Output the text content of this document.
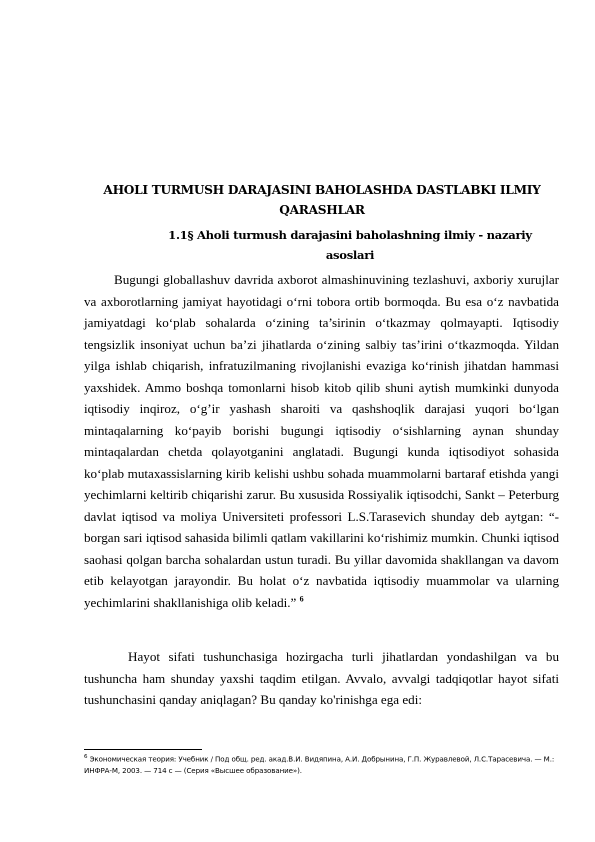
AHOLI TURMUSH DARAJASINI BAHOLASHDA DASTLABKI ILMIY QARASHLAR
1.1§ Aholi turmush darajasini baholashning ilmiy - nazariy asoslari

Bugungi globallashuv davrida axborot almashinuvining tezlashuvi, axboriy xurujlar va axborotlarning jamiyat hayotidagi o‘rni tobora ortib bormoqda. Bu esa o‘z navbatida jamiyatdagi ko‘plab sohalarda o‘zining ta’sirinin o‘tkazmay qolmayapti. Iqtisodiy tengsizlik insoniyat uchun ba’zi jihatlarda o‘zining salbiy tas’irini o‘tkazmoqda. Yildan yilga ishlab chiqarish, infratuzilmaning rivojlanishi evaziga ko‘rinish jihatdan hammasi yaxshidek. Ammo boshqa tomonlarni hisob kitob qilib shuni aytish mumkinki dunyoda iqtisodiy inqiroz, o‘g’ir yashash sharoiti va qashshoqlik darajasi yuqori bo‘lgan mintaqalarning ko‘payib borishi bugungi iqtisodiy o‘sishlarning aynan shunday mintaqalardan chetda qolayotganini anglatadi. Bugungi kunda iqtisodiyot sohasida ko‘plab mutaxassislarning kirib kelishi ushbu sohada muammolarni bartaraf etishda yangi yechimlarni keltirib chiqarishi zarur. Bu xususida Rossiyalik iqtisodchi, Sankt – Peterburg davlat iqtisod va moliya Universiteti professori L.S.Tarasevich shunday deb aytgan: “-borgan sari iqtisod sahasida bilimli qatlam vakillarini ko‘rishimiz mumkin. Chunki iqtisod saohasi qolgan barcha sohalardan ustun turadi. Bu yillar davomida shakllangan va davom etib kelayotgan jarayondir. Bu holat o‘z navbatida iqtisodiy muammolar va ularning yechimlarini shakllanishiga olib keladi.” $^6$

Hayot sifati tushunchasiga hozirgacha turli jihatlardan yondashilgan va bu tushuncha ham shunday yaxshi taqdim etilgan. Avvalo, avvalgi tadqiqotlar hayot sifati tushunchasini qanday aniqlagan? Bu qanday ko'rinishga ega edi:

$^6$ Экономическая теория: Учебник / Под общ. ред. акад.В.И. Видяпина, А.И. Добрынина, Г.П. Журавлевой, Л.С.Тарасевича. — М.: ИНФРА-М, 2003. — 714 с — (Серия «Высшее образование»).
